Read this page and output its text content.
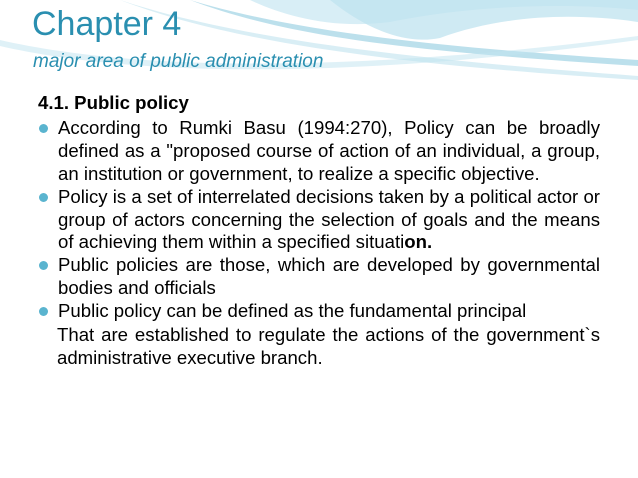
Chapter 4
major area of public administration
4.1. Public policy
According to Rumki Basu (1994:270), Policy can be broadly defined as a "proposed course of action of an individual, a group, an institution or government, to realize a specific objective.
Policy is a set of interrelated decisions taken by a political actor or group of actors concerning the selection of goals and the means of achieving them within a specified situation.
Public policies are those, which are developed by governmental bodies and officials
Public policy can be defined as the fundamental principal
That are established to regulate the actions of the government`s administrative executive branch.
